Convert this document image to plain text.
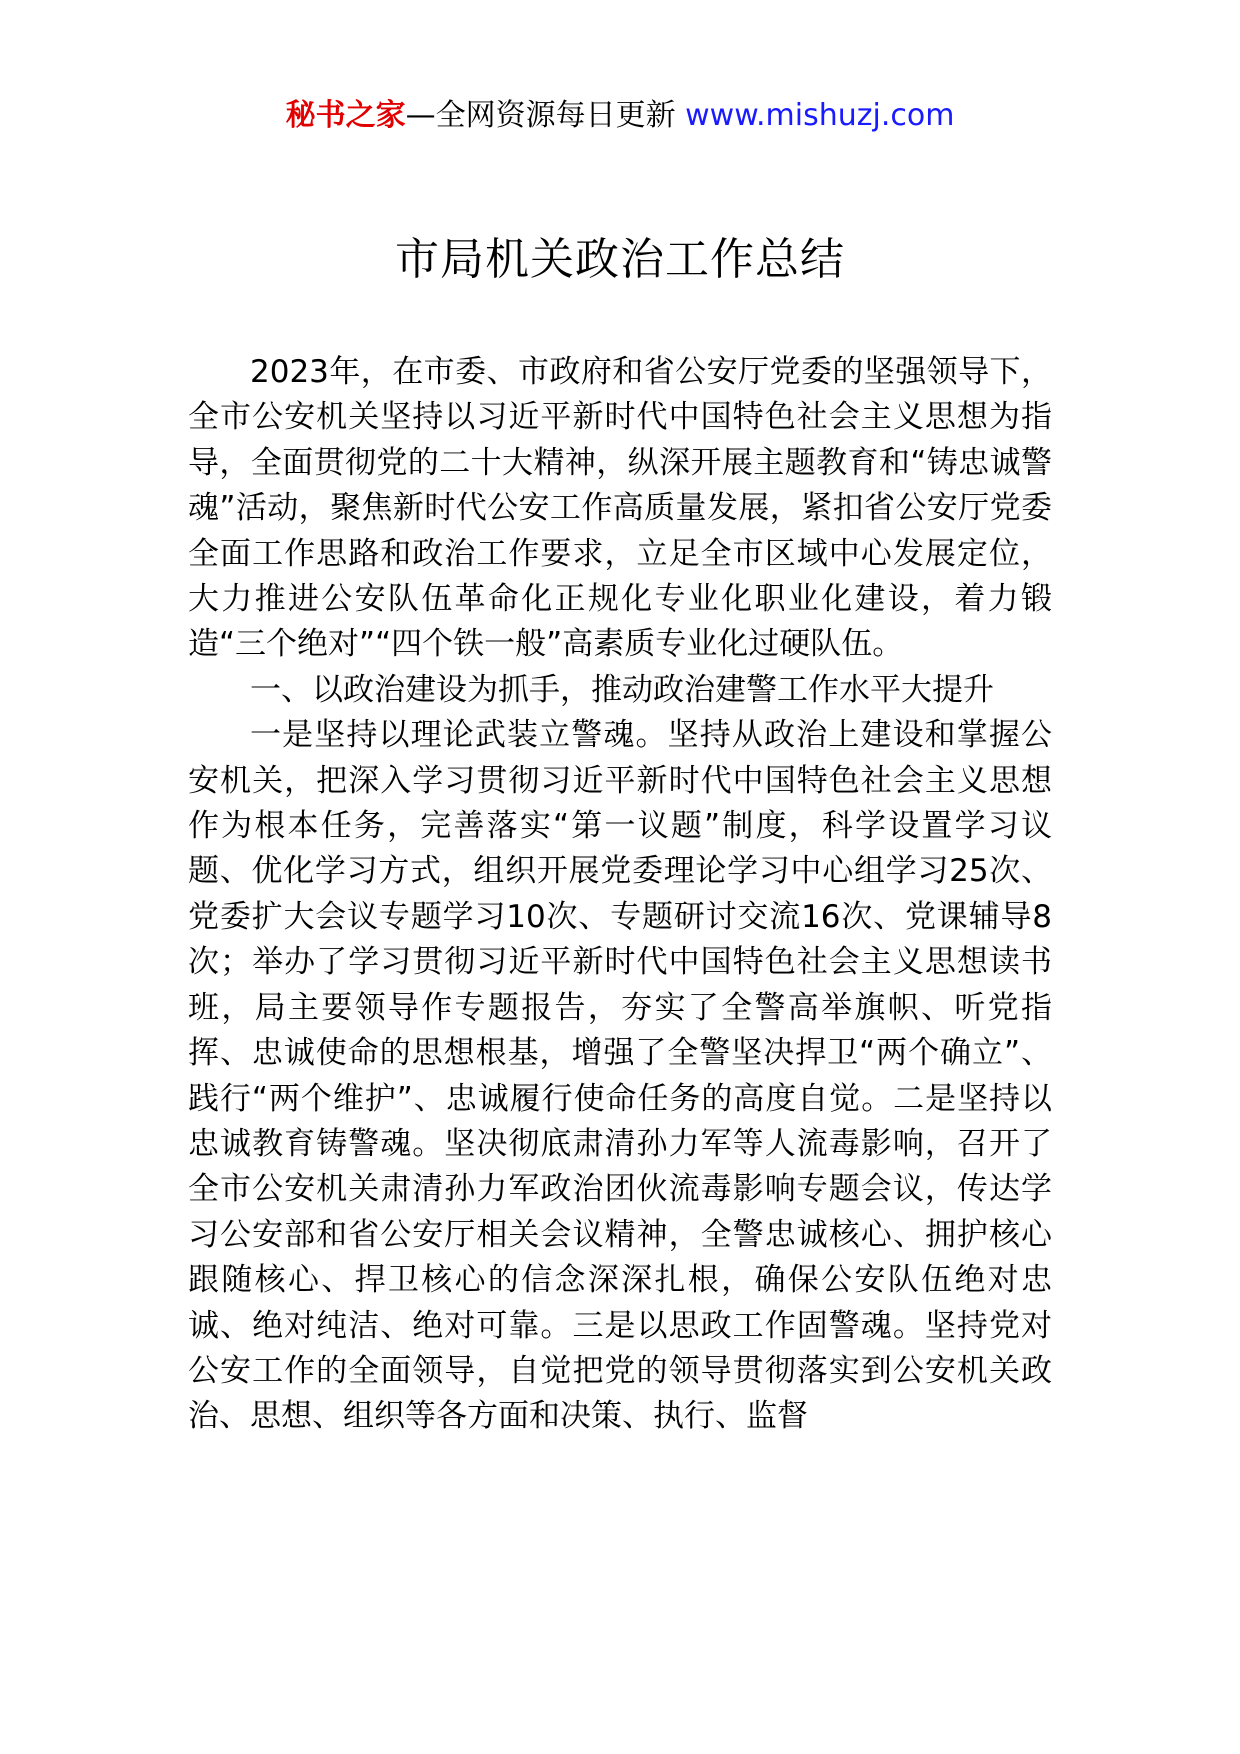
秘书之家—全网资源每日更新 www.mishuzj.com
市局机关政治工作总结

2023年，在市委、市政府和省公安厅党委的坚强领导下，全市公安机关坚持以习近平新时代中国特色社会主义思想为指导，全面贯彻党的二十大精神，纵深开展主题教育和“铸忠诚警魂”活动，聚焦新时代公安工作高质量发展，紧扣省公安厅党委全面工作思路和政治工作要求，立足全市区域中心发展定位，大力推进公安队伍革命化正规化专业化职业化建设，着力锻造“三个绝对”“四个铁一般”高素质专业化过硬队伍。

一、以政治建设为抓手，推动政治建警工作水平大提升

一是坚持以理论武装立警魂。坚持从政治上建设和掌握公安机关，把深入学习贯彻习近平新时代中国特色社会主义思想作为根本任务，完善落实“第一议题”制度，科学设置学习议题、优化学习方式，组织开展党委理论学习中心组学习25次、党委扩大会议专题学习10次、专题研讨交流16次、党课辅导8次；举办了学习贯彻习近平新时代中国特色社会主义思想读书班，局主要领导作专题报告，夯实了全警高举旗帜、听党指挥、忠诚使命的思想根基，增强了全警坚决捍卫“两个确立”、践行“两个维护”、忠诚履行使命任务的高度自觉。二是坚持以忠诚教育铸警魂。坚决彻底肃清孙力军等人流毒影响，召开了全市公安机关肃清孙力军政治团伙流毒影响专题会议，传达学习公安部和省公安厅相关会议精神，全警忠诚核心、拥护核心跟随核心、捍卫核心的信念深深扎根，确保公安队伍绝对忠诚、绝对纯洁、绝对可靠。三是以思政工作固警魂。坚持党对公安工作的全面领导，自觉把党的领导贯彻落实到公安机关政治、思想、组织等各方面和决策、执行、监督
